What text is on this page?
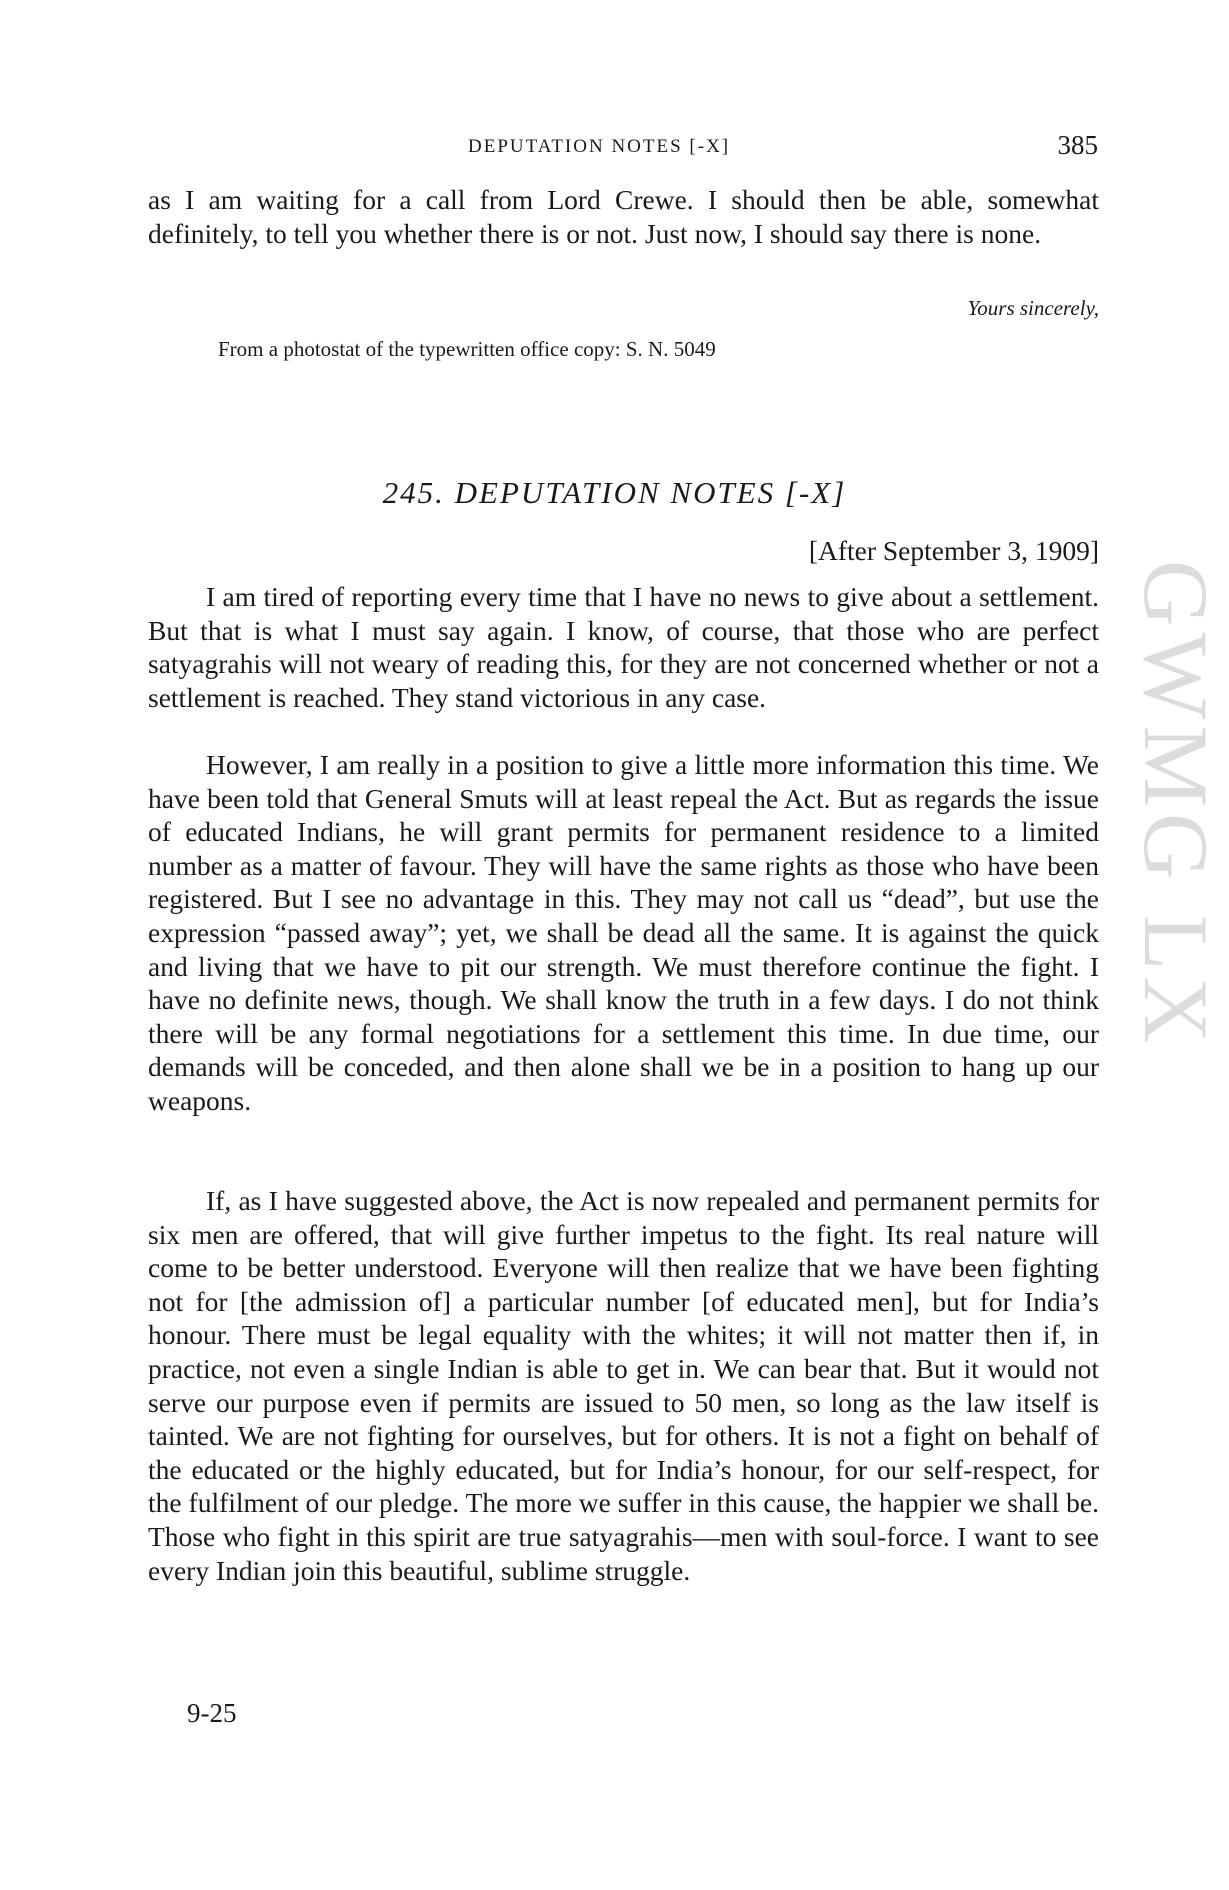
GWMG LX
DEPUTATION NOTES [-X]	385

as I am waiting for a call from Lord Crewe. I should then be able, somewhat definitely, to tell you whether there is or not. Just now, I should say there is none.

Yours sincerely,
From a photostat of the typewritten office copy: S. N. 5049
245. DEPUTATION NOTES [-X]
[After September 3, 1909]

I am tired of reporting every time that I have no news to give about a settlement. But that is what I must say again. I know, of course, that those who are perfect satyagrahis will not weary of reading this, for they are not concerned whether or not a settlement is reached. They stand victorious in any case.

However, I am really in a position to give a little more information this time. We have been told that General Smuts will at least repeal the Act. But as regards the issue of educated Indians, he will grant permits for permanent residence to a limited number as a matter of favour. They will have the same rights as those who have been registered. But I see no advantage in this. They may not call us “dead”, but use the expression “passed away”; yet, we shall be dead all the same. It is against the quick and living that we have to pit our strength. We must therefore continue the fight. I have no definite news, though. We shall know the truth in a few days. I do not think there will be any formal negotiations for a settlement this time. In due time, our demands will be conceded, and then alone shall we be in a position to hang up our weapons.

If, as I have suggested above, the Act is now repealed and permanent permits for six men are offered, that will give further impetus to the fight. Its real nature will come to be better understood. Everyone will then realize that we have been fighting not for [the admission of] a particular number [of educated men], but for India’s honour. There must be legal equality with the whites; it will not matter then if, in practice, not even a single Indian is able to get in. We can bear that. But it would not serve our purpose even if permits are issued to 50 men, so long as the law itself is tainted. We are not fighting for ourselves, but for others. It is not a fight on behalf of the educated or the highly educated, but for India’s honour, for our self-respect, for the fulfilment of our pledge. The more we suffer in this cause, the happier we shall be. Those who fight in this spirit are true satyagrahis—men with soul-force. I want to see every Indian join this beautiful, sublime struggle.

9-25
